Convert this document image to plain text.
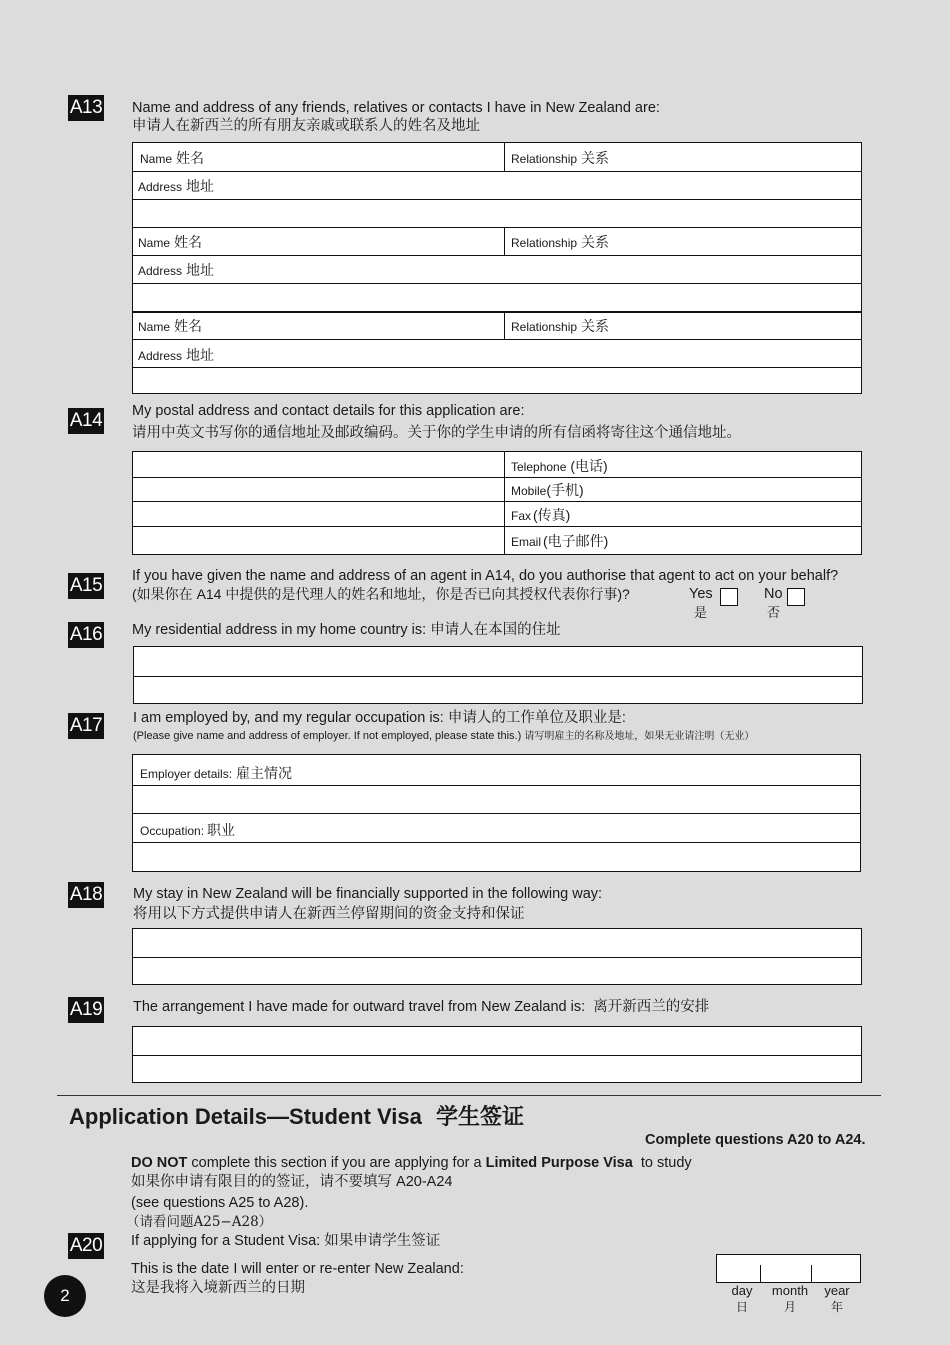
A13 Name and address of any friends, relatives or contacts I have in New Zealand are:
申请人在新西兰的所有朋友亲戚或联系人的姓名及地址
Name 姓名	Relationship 关系
Address 地址
Name 姓名	Relationship 关系
Address 地址
Name 姓名	Relationship 关系
Address 地址
A14 My postal address and contact details for this application are:
请用中英文书写你的通信地址及邮政编码。关于你的学生申请的所有信函将寄往这个通信地址。
Telephone (电话)
Mobile(手机)
Fax (传真)
Email (电子邮件)
A15 If you have given the name and address of an agent in A14, do you authorise that agent to act on your behalf?
(如果你在 A14 中提供的是代理人的姓名和地址，你是否已向其授权代表你行事)?	Yes
是
No
否
A16 My residential address in my home country is: 申请人在本国的住址
A17 I am employed by, and my regular occupation is: 申请人的工作单位及职业是:
(Please give name and address of employer. If not employed, please state this.) 请写明雇主的名称及地址，如果无业请注明（无业）
Employer details: 雇主情况
Occupation: 职业
A18 My stay in New Zealand will be financially supported in the following way:
将用以下方式提供申请人在新西兰停留期间的资金支持和保证
A19 The arrangement I have made for outward travel from New Zealand is: 离开新西兰的安排
Application Details—Student Visa 学生签证
Complete questions A20 to A24.
DO NOT complete this section if you are applying for a Limited Purpose Visa  to study
如果你申请有限目的的签证，请不要填写 A20-A24
(see questions A25 to A28).
（请看问题A25−A28）
A20 If applying for a Student Visa: 如果申请学生签证
This is the date I will enter or re-enter New Zealand:
这是我将入境新西兰的日期	day
日
month
月
year
年
2
